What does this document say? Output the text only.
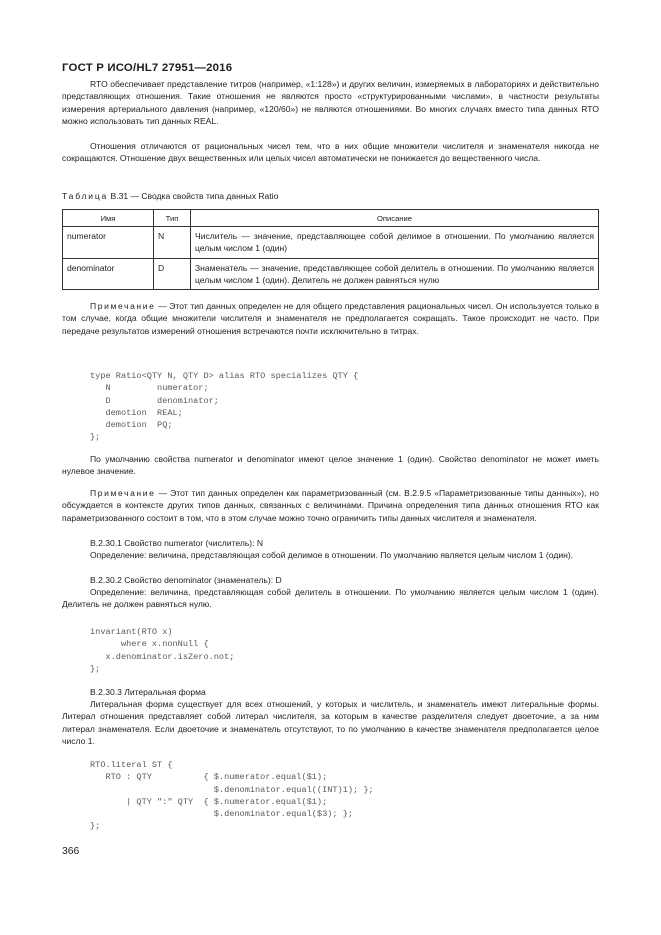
ГОСТ Р ИСО/HL7 27951—2016

RTO обеспечивает представление титров (например, «1:128») и других величин, измеряемых в лабораториях и действительно представляющих отношения. Такие отношения не являются просто «структурированными числами», в частности результаты измерения артериального давления (например, «120/60») не являются отношениями. Во многих случаях вместо типа данных RTO можно использовать тип данных REAL.

Отношения отличаются от рациональных чисел тем, что в них общие множители числителя и знаменателя никогда не сокращаются. Отношение двух вещественных или целых чисел автоматически не понижается до вещественного числа.

Таблица В.31 — Сводка свойств типа данных Ratio
Имя	Тип	Описание
numerator	N	Числитель — значение, представляющее собой делимое в отношении. По умолчанию является целым числом 1 (один)
denominator	D	Знаменатель — значение, представляющее собой делитель в отношении. По умолчанию является целым числом 1 (один). Делитель не должен равняться нулю

Примечание — Этот тип данных определен не для общего представления рациональных чисел. Он используется только в том случае, когда общие множители числителя и знаменателя не предполагается сокращать. Такое происходит не часто. При передаче результатов измерений отношения встречаются почти исключительно в титрах.

type Ratio<QTY N, QTY D> alias RTO specializes QTY {
N         numerator;
D         denominator;
demotion  REAL;
demotion  PQ;
};

По умолчанию свойства numerator и denominator имеют целое значение 1 (один). Свойство denominator не может иметь нулевое значение.

Примечание — Этот тип данных определен как параметризованный (см. В.2.9.5 «Параметризованные типы данных»), но обсуждается в контексте других типов данных, связанных с величинами. Причина определения типа данных отношения RTO как параметризованного состоит в том, что в этом случае можно точно ограничить типы данных числителя и знаменателя.

В.2.30.1 Свойство numerator (числитель): N

Определение: величина, представляющая собой делимое в отношении. По умолчанию является целым числом 1 (один).

В.2.30.2 Свойство denominator (знаменатель): D

Определение: величина, представляющая собой делитель в отношении. По умолчанию является целым числом 1 (один). Делитель не должен равняться нулю.

invariant(RTO x)
where x.nonNull {
x.denominator.isZero.not;
};
В.2.30.3 Литеральная форма

Литеральная форма существует для всех отношений, у которых и числитель, и знаменатель имеют литеральные формы. Литерал отношения представляет собой литерал числителя, за которым в качестве разделителя следует двоеточие, а за ним литерал знаменателя. Если двоеточие и знаменатель отсутствуют, то по умолчанию в качестве знаменателя предполагается целое число 1.

RTO.literal ST {
RTO : QTY          { $.numerator.equal($1);
$.denominator.equal((INT)1); };
| QTY ":" QTY  { $.numerator.equal($1);
$.denominator.equal($3); };
};
366
